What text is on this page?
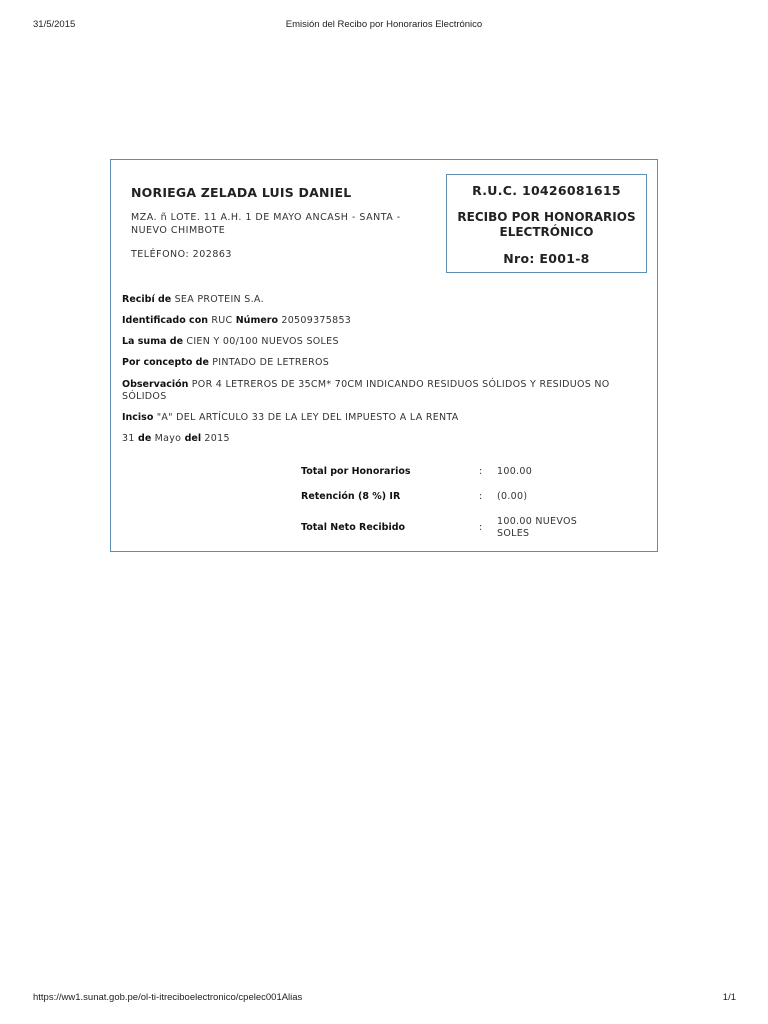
31/5/2015	Emisión del Recibo por Honorarios Electrónico
NORIEGA ZELADA LUIS DANIEL
MZA. ñ LOTE. 11 A.H. 1 DE MAYO ANCASH - SANTA - NUEVO CHIMBOTE
TELÉFONO: 202863
R.U.C. 10426081615
RECIBO POR HONORARIOS ELECTRÓNICO
Nro: E001-8
Recibí de SEA PROTEIN S.A.
Identificado con RUC Número 20509375853
La suma de CIEN Y 00/100 NUEVOS SOLES
Por concepto de PINTADO DE LETREROS
Observación POR 4 LETREROS DE 35CM* 70CM INDICANDO RESIDUOS SÓLIDOS Y RESIDUOS NO SÓLIDOS
Inciso "A" DEL ARTÍCULO 33 DE LA LEY DEL IMPUESTO A LA RENTA
31 de Mayo del 2015
Total por Honorarios	: 100.00
Retención (8 %) IR	: (0.00)
Total Neto Recibido	:
100.00 NUEVOS SOLES
https://ww1.sunat.gob.pe/ol-ti-itreciboelectronico/cpelec001Alias	1/1
